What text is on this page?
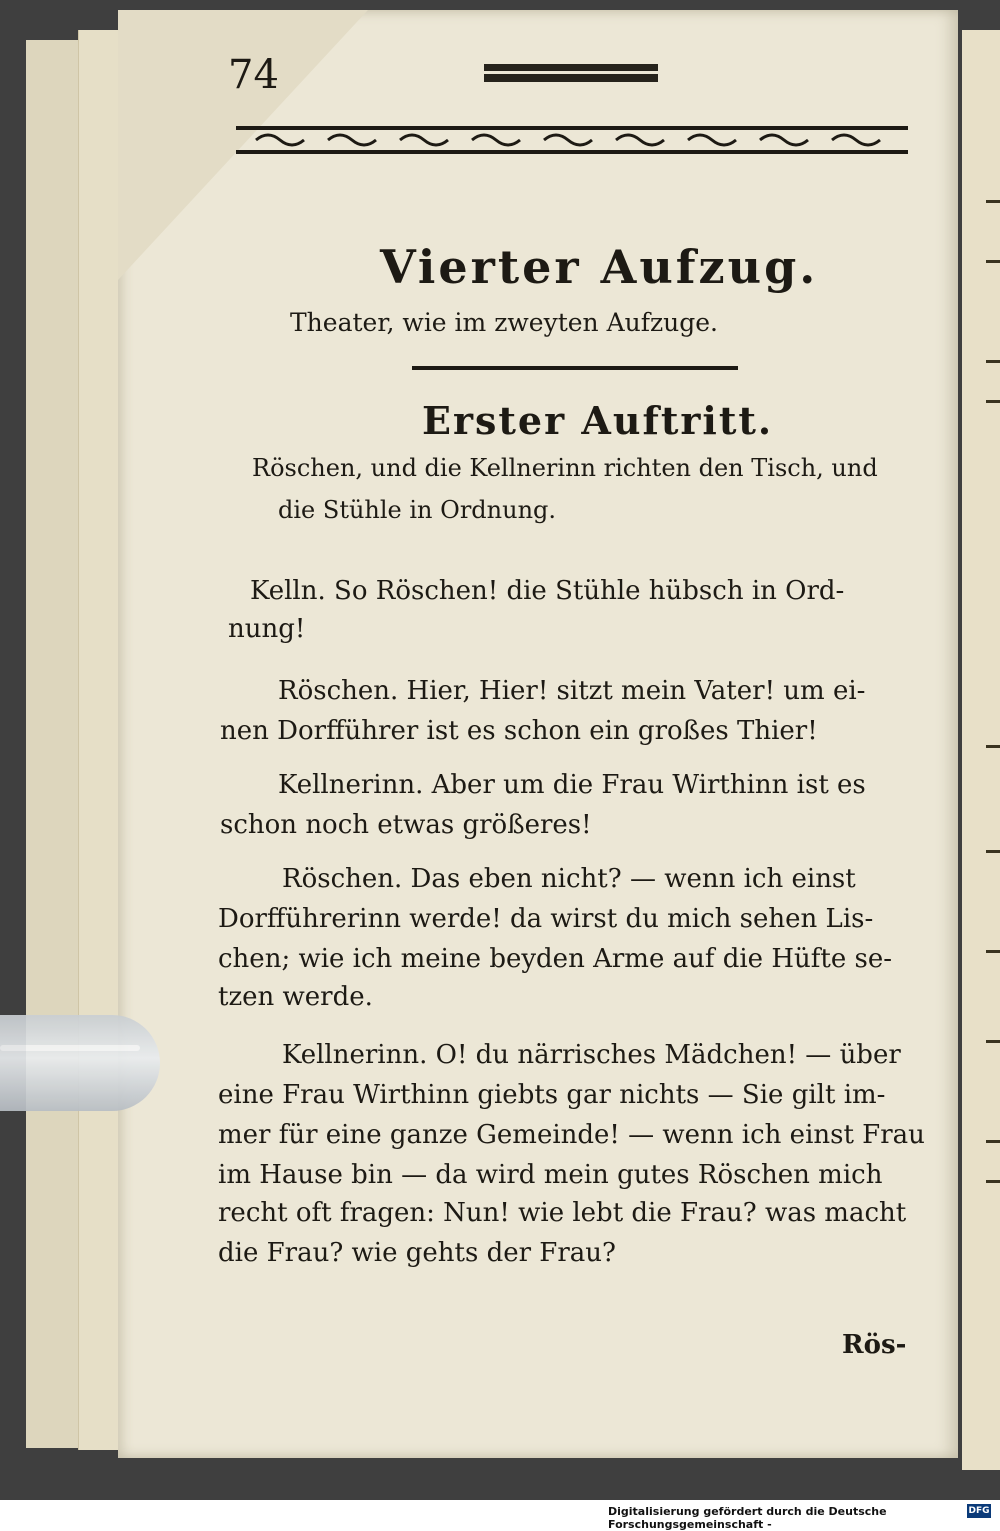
74
Vierter Aufzug.
Theater, wie im zweyten Aufzuge.
Erster Auftritt.
Röschen, und die Kellnerinn richten den Tisch, und
die Stühle in Ordnung.
Kelln. So Röschen! die Stühle hübsch in Ord-
nung!
Röschen. Hier, Hier! sitzt mein Vater! um ei-
nen Dorfführer ist es schon ein großes Thier!
Kellnerinn. Aber um die Frau Wirthinn ist es
schon noch etwas größeres!
Röschen. Das eben nicht? — wenn ich einst
Dorfführerinn werde! da wirst du mich sehen Lis-
chen; wie ich meine beyden Arme auf die Hüfte se-
tzen werde.
Kellnerinn. O! du närrisches Mädchen! — über
eine Frau Wirthinn giebts gar nichts — Sie gilt im-
mer für eine ganze Gemeinde! — wenn ich einst Frau
im Hause bin — da wird mein gutes Röschen mich
recht oft fragen: Nun! wie lebt die Frau? was macht
die Frau? wie gehts der Frau?
Rös-
Digitalisierung gefördert durch die Deutsche Forschungsgemeinschaft -
DFG
